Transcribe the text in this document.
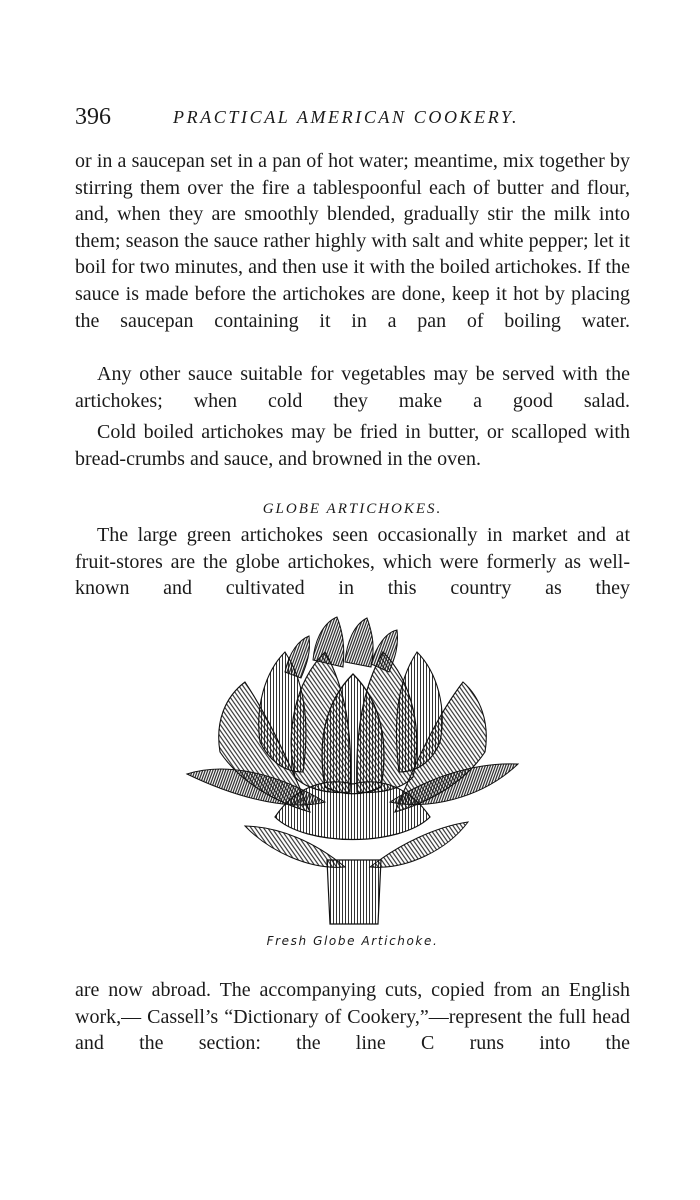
396	PRACTICAL AMERICAN COOKERY.

or in a saucepan set in a pan of hot water; meantime, mix together by stirring them over the fire a tablespoonful each of butter and flour, and, when they are smoothly blended, gradually stir the milk into them; season the sauce rather highly with salt and white pepper; let it boil for two minutes, and then use it with the boiled artichokes. If the sauce is made before the artichokes are done, keep it hot by placing the saucepan containing it in a pan of boiling water.

Any other sauce suitable for vegetables may be served with the artichokes; when cold they make a good salad.

Cold boiled artichokes may be fried in butter, or scalloped with bread-crumbs and sauce, and browned in the oven.

GLOBE ARTICHOKES.

The large green artichokes seen occasionally in market and at fruit-stores are the globe artichokes, which were formerly as well-known and cultivated in this country as they

Fresh Globe Artichoke.

are now abroad. The accompanying cuts, copied from an English work,— Cassell’s “Dictionary of Cookery,”—represent the full head and the section: the line C runs into the
